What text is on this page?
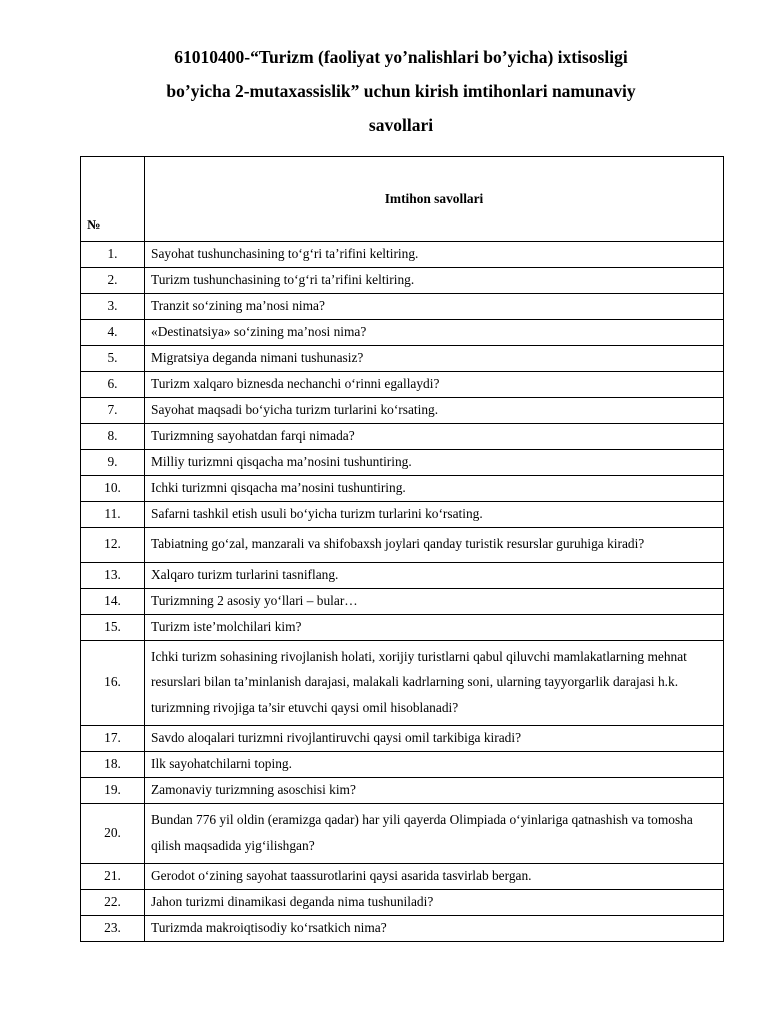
61010400-“Turizm (faoliyat yo’nalishlari bo’yicha) ixtisosligi
bo’yicha 2-mutaxassislik” uchun kirish imtihonlari namunaviy
savollari
№	Imtihon savollari
1.	Sayohat tushunchasining to‘g‘ri ta’rifini keltiring.
2.	Turizm tushunchasining to‘g‘ri ta’rifini keltiring.
3.	Tranzit so‘zining ma’nosi nima?
4.	«Destinatsiya» so‘zining ma’nosi nima?
5.	Migratsiya deganda nimani tushunasiz?
6.	Turizm xalqaro biznesda nechanchi o‘rinni egallaydi?
7.	Sayohat maqsadi bo‘yicha turizm turlarini ko‘rsating.
8.	Turizmning sayohatdan farqi nimada?
9.	Milliy turizmni qisqacha ma’nosini tushuntiring.
10.	Ichki turizmni qisqacha ma’nosini tushuntiring.
11.	Safarni tashkil etish usuli bo‘yicha turizm turlarini ko‘rsating.
12.	Tabiatning go‘zal, manzarali va shifobaxsh joylari qanday turistik resurslar guruhiga kiradi?
13.	Xalqaro turizm turlarini tasniflang.
14.	Turizmning 2 asosiy yo‘llari – bular…
15.	Turizm iste’molchilari kim?
16.	Ichki turizm sohasining rivojlanish holati, xorijiy turistlarni qabul qiluvchi mamlakatlarning mehnat resurslari bilan ta’minlanish darajasi, malakali kadrlarning soni, ularning tayyorgarlik darajasi h.k. turizmning rivojiga ta’sir etuvchi qaysi omil hisoblanadi?
17.	Savdo aloqalari turizmni rivojlantiruvchi qaysi omil tarkibiga kiradi?
18.	Ilk sayohatchilarni toping.
19.	Zamonaviy turizmning asoschisi kim?
20.	Bundan 776 yil oldin (eramizga qadar) har yili qayerda Olimpiada o‘yinlariga qatnashish va tomosha qilish maqsadida yig‘ilishgan?
21.	Gerodot o‘zining sayohat taassurotlarini qaysi asarida tasvirlab bergan.
22.	Jahon turizmi dinamikasi deganda nima tushuniladi?
23.	Turizmda makroiqtisodiy ko‘rsatkich nima?
